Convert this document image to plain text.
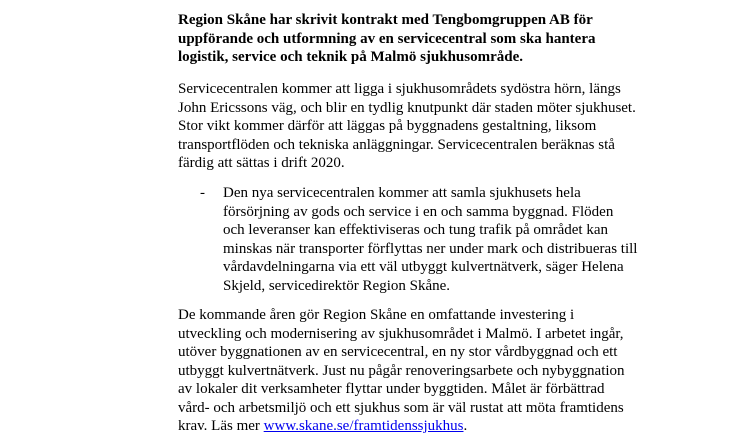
Region Skåne har skrivit kontrakt med Tengbomgruppen AB för
uppförande och utformning av en servicecentral som ska hantera
logistik, service och teknik på Malmö sjukhusområde.
Servicecentralen kommer att ligga i sjukhusområdets sydöstra hörn, längs
John Ericssons väg, och blir en tydlig knutpunkt där staden möter sjukhuset.
Stor vikt kommer därför att läggas på byggnadens gestaltning, liksom
transportflöden och tekniska anläggningar. Servicecentralen beräknas stå
färdig att sättas i drift 2020.
- Den nya servicecentralen kommer att samla sjukhusets hela
försörjning av gods och service i en och samma byggnad. Flöden
och leveranser kan effektiviseras och tung trafik på området kan
minskas när transporter förflyttas ner under mark och distribueras till
vårdavdelningarna via ett väl utbyggt kulvertnätverk, säger Helena
Skjeld, servicedirektör Region Skåne.
De kommande åren gör Region Skåne en omfattande investering i
utveckling och modernisering av sjukhusområdet i Malmö. I arbetet ingår,
utöver byggnationen av en servicecentral, en ny stor vårdbyggnad och ett
utbyggt kulvertnätverk. Just nu pågår renoveringsarbete och nybyggnation
av lokaler dit verksamheter flyttar under byggtiden. Målet är förbättrad
vård- och arbetsmiljö och ett sjukhus som är väl rustat att möta framtidens
krav. Läs mer www.skane.se/framtidenssjukhus.
